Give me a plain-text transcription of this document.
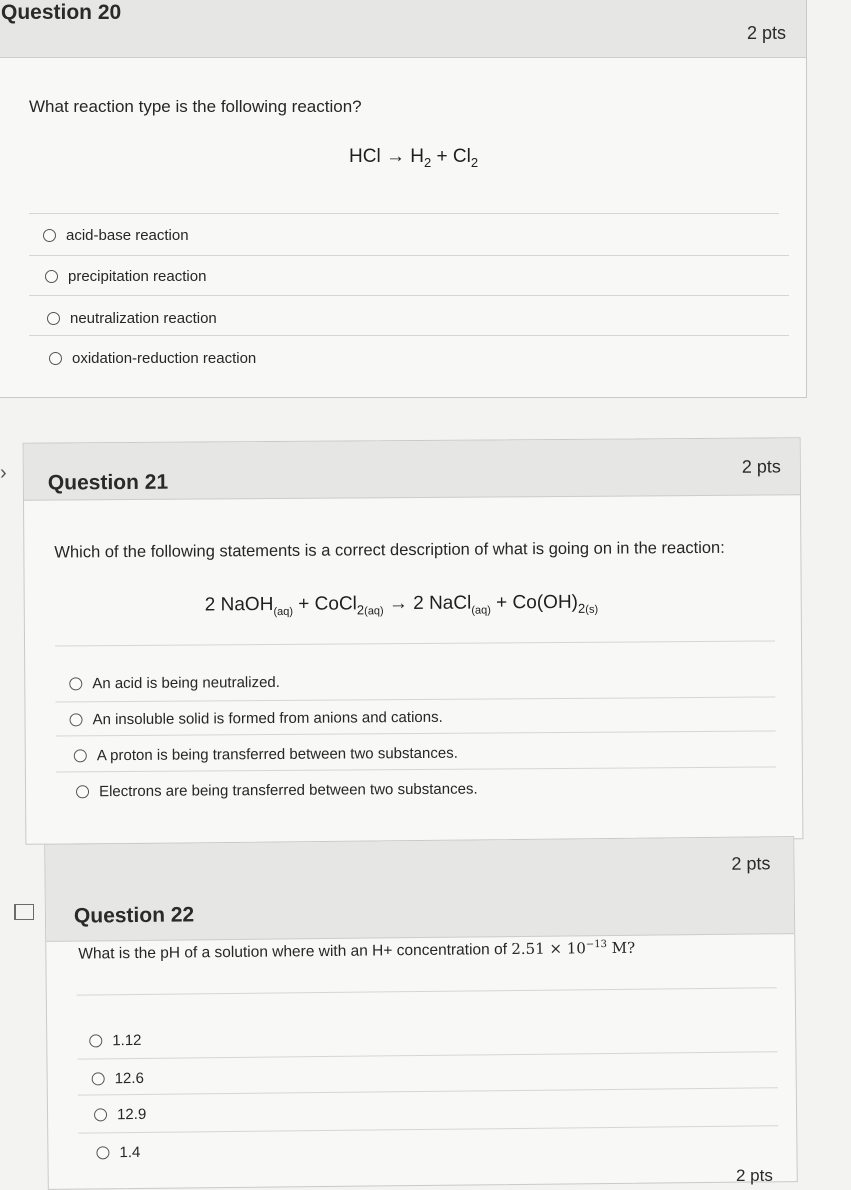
Question 20
2 pts
What reaction type is the following reaction?
HCl → $H_2 + Cl_2$
acid-base reaction
precipitation reaction
neutralization reaction
oxidation-reduction reaction
›	Question 21
2 pts
Which of the following statements is a correct description of what is going on in the reaction:
2 NaOH$_{(aq)}$ + CoCl$_{2(aq)}$ → 2 NaCl$_{(aq)}$ + $Co(OH)_{2(s)}$
An acid is being neutralized.
An insoluble solid is formed from anions and cations.
A proton is being transferred between two substances.
Electrons are being transferred between two substances.
Question 22
2 pts
What is the pH of a solution where with an H+ concentration of $2.51 \times 10^{-13}$ M?
1.12
12.6
12.9
1.4
2 pts
